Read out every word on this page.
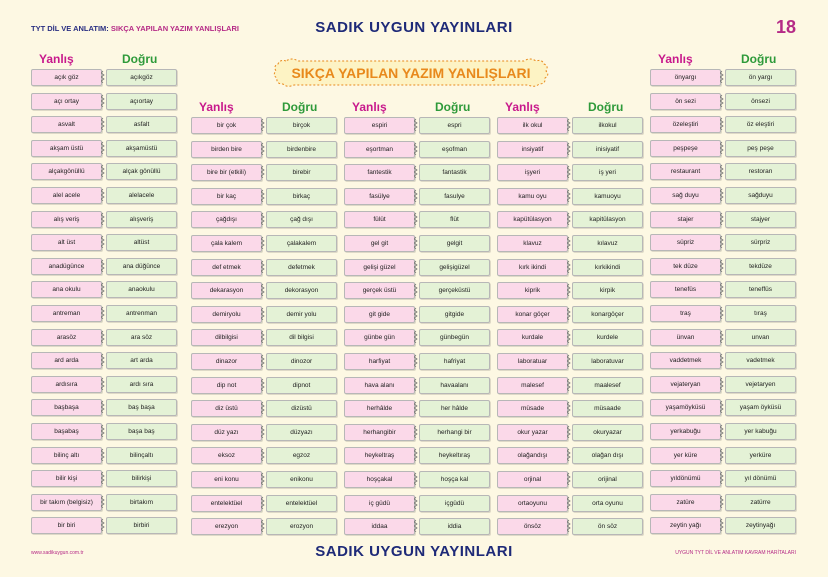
TYT DİL VE ANLATIM: SIKÇA YAPILAN YAZIM YANLIŞLARI	SADIK UYGUN YAYINLARI	18
SIKÇA YAPILAN YAZIM YANLIŞLARI
Yanlış	Doğru
açık göz	açıkgöz
açı ortay	açıortay
asvalt	asfalt
akşam üstü	akşamüstü
alçakgönüllü	alçak gönüllü
alel acele	alelacele
alış veriş	alışveriş
alt üst	altüst
anadügünce	ana düğünce
ana okulu	anaokulu
antreman	antrenman
arasöz	ara söz
ard arda	art arda
ardısıra	ardı sıra
başbaşa	baş başa
başabaş	başa baş
bilinç altı	bilinçaltı
bilir kişi	bilirkişi
bir takım (belgisiz)	birtakım
bir biri	birbiri
Yanlış	Doğru
bir çok	birçok
birden bire	birdenbire
bire bir (etkili)	birebir
bir kaç	birkaç
çağdışı	çağ dışı
çala kalem	çalakalem
def etmek	defetmek
dekarasyon	dekorasyon
demiryolu	demir yolu
dilbilgisi	dil bilgisi
dinazor	dinozor
dip not	dipnot
diz üstü	dizüstü
düz yazı	düzyazı
eksoz	egzoz
eni konu	enikonu
entelektüel	entelektüel
erezyon	erozyon
Yanlış	Doğru
espiri	espri
eşortman	eşofman
fantestik	fantastik
fasülye	fasulye
fülüt	flüt
gel git	gelgit
gelişi güzel	gelişigüzel
gerçek üstü	gerçeküstü
git gide	gitgide
günbe gün	günbegün
harfiyat	hafriyat
hava alanı	havaalanı
herhâlde	her hâlde
herhangibir	herhangi bir
heykeltraş	heykeltıraş
hoşçakal	hoşça kal
iç güdü	içgüdü
iddaa	iddia
Yanlış	Doğru
ilk okul	ilkokul
insiyatif	inisiyatif
işyeri	iş yeri
kamu oyu	kamuoyu
kapütülasyon	kapitülasyon
klavuz	kılavuz
kırk ikindi	kırkikindi
kiprik	kirpik
konar göçer	konargöçer
kurdale	kurdele
laboratuar	laboratuvar
malesef	maalesef
müsade	müsaade
okur yazar	okuryazar
olağandışı	olağan dışı
orjinal	orijinal
ortaoyunu	orta oyunu
önsöz	ön söz
Yanlış	Doğru
önyargı	ön yargı
ön sezi	önsezi
özeleştiri	öz eleştiri
peşpeşe	peş peşe
restaurant	restoran
sağ duyu	sağduyu
stajer	stajyer
süpriz	sürpriz
tek düze	tekdüze
tenefüs	teneffüs
traş	tıraş
ünvan	unvan
vaddetmek	vadetmek
vejateryan	vejetaryen
yaşamöyküsü	yaşam öyküsü
yerkabuğu	yer kabuğu
yer küre	yerküre
yıldönümü	yıl dönümü
zatüre	zatürre
zeytin yağı	zeytinyağı
www.sadikuygun.com.tr	SADIK UYGUN YAYINLARI	UYGUN TYT DİL VE ANLATIM KAVRAM HARİTALARI
